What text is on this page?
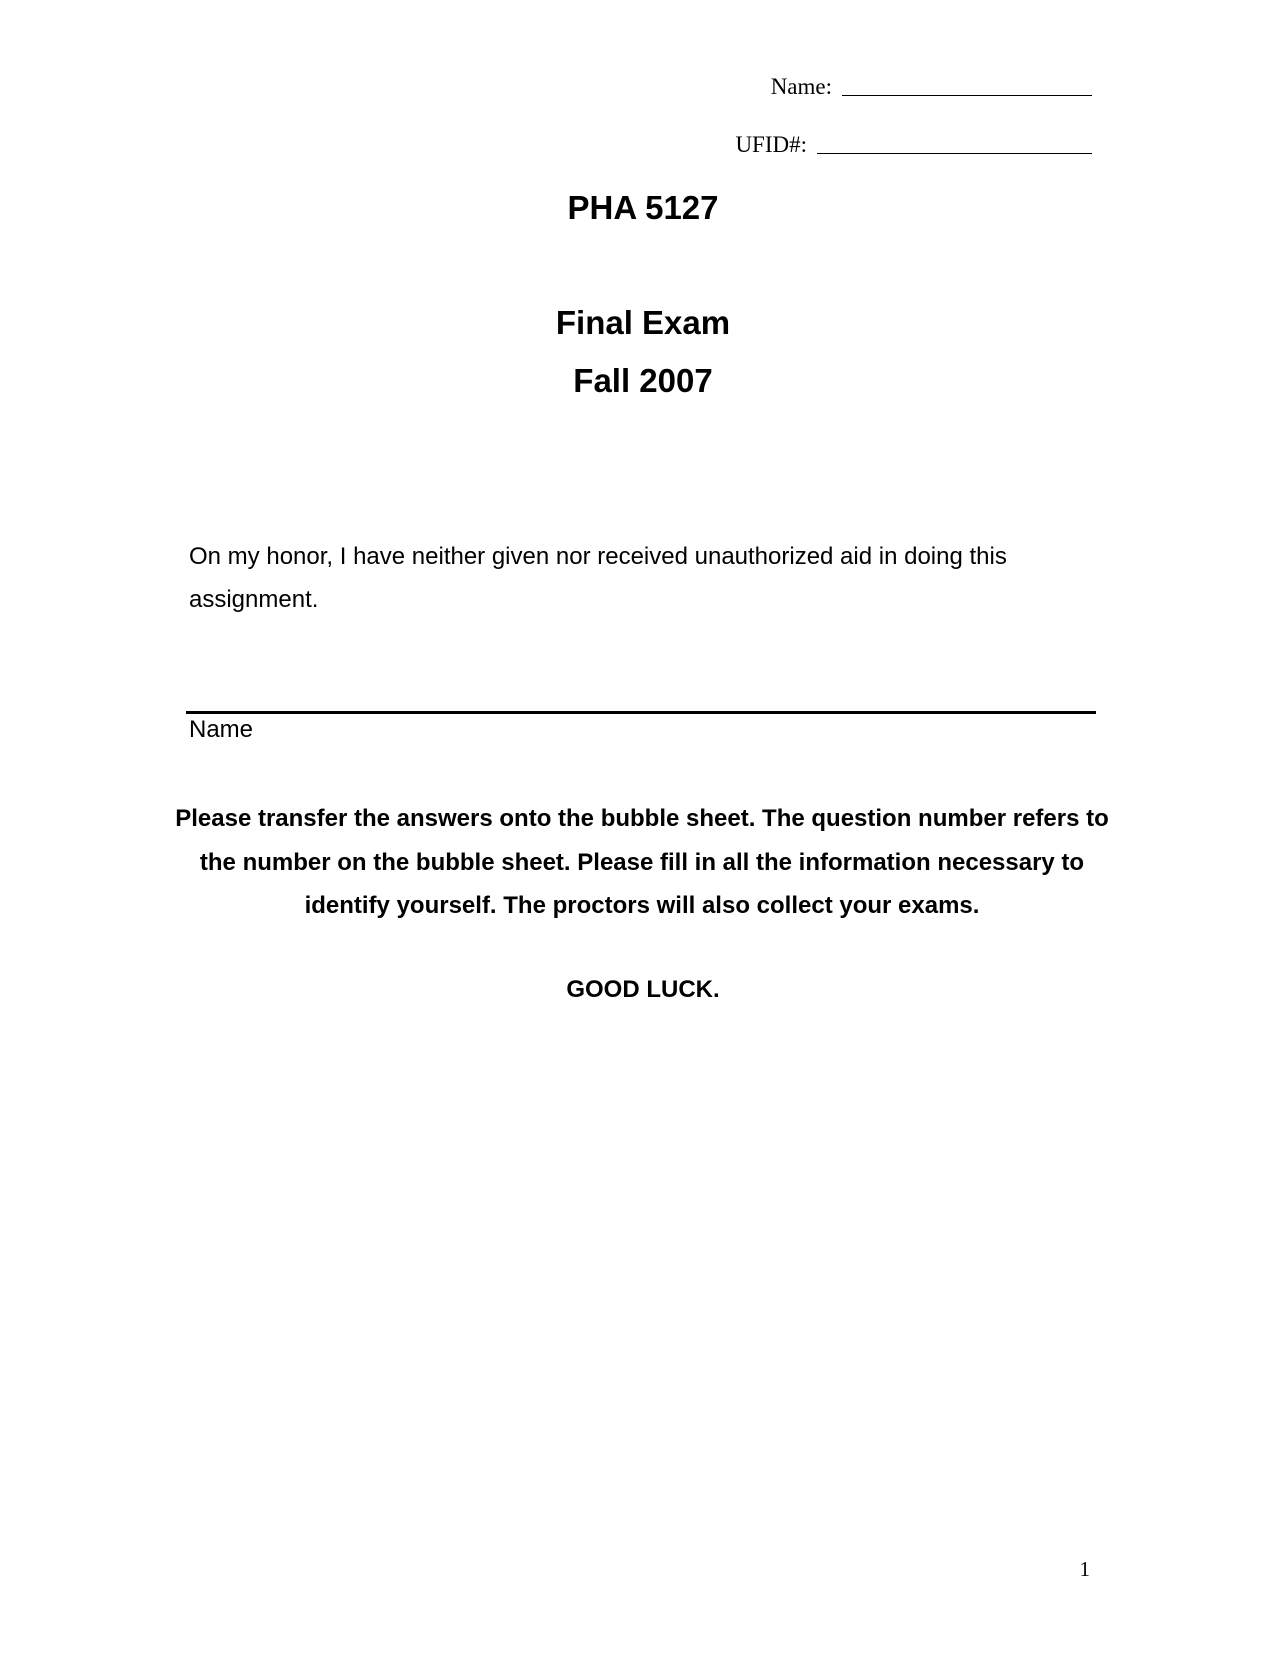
Name:
UFID#:
PHA 5127
Final Exam
Fall 2007
On my honor, I have neither given nor received unauthorized aid in doing this assignment.
Name
Please transfer the answers onto the bubble sheet. The question number refers to the number on the bubble sheet. Please fill in all the information necessary to identify yourself. The proctors will also collect your exams.
GOOD LUCK.
1
